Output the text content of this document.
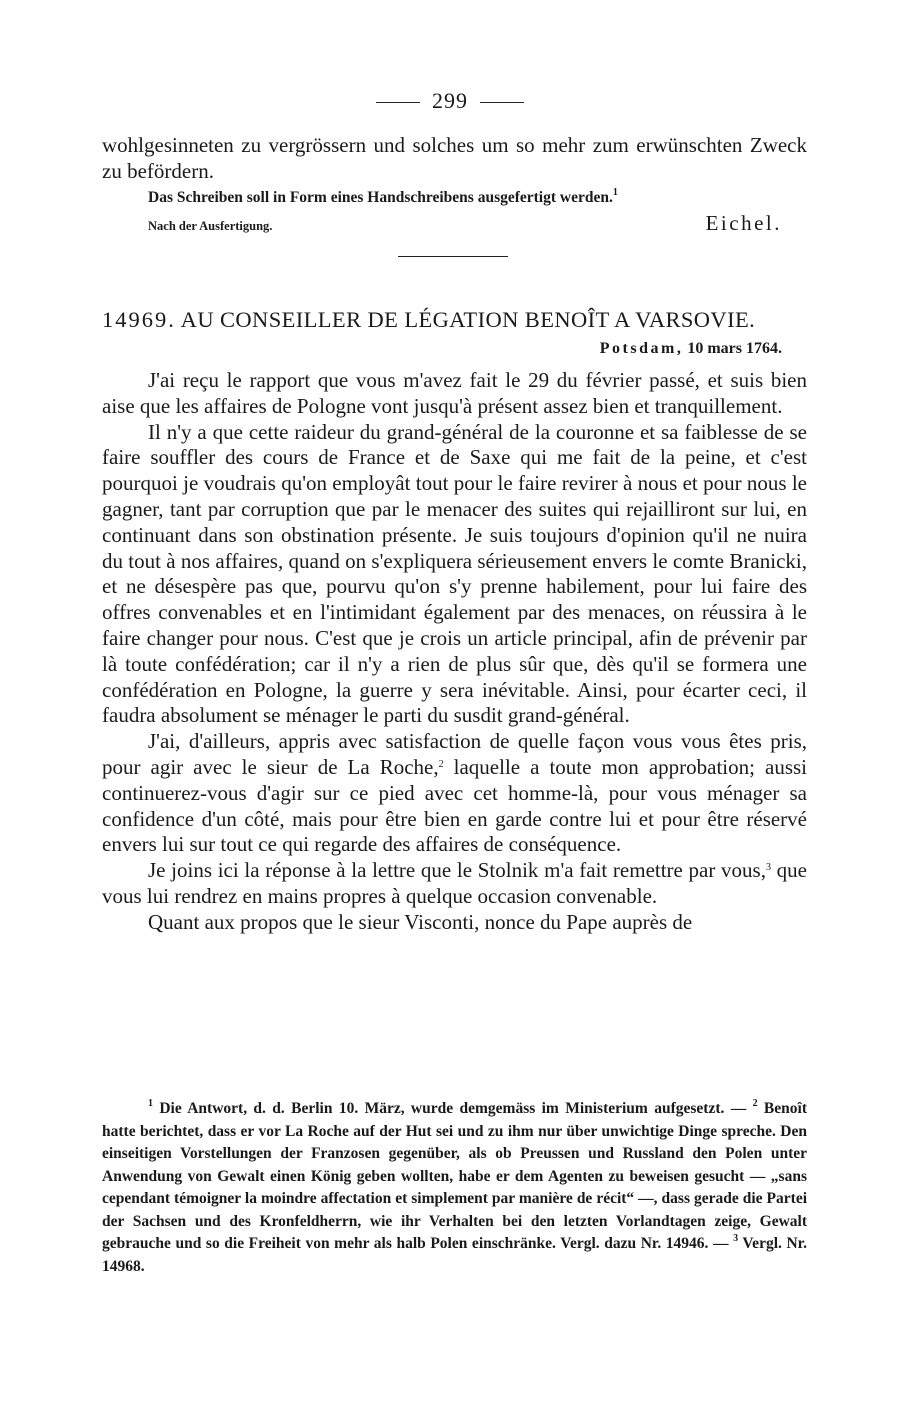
299

wohlgesinneten zu vergrössern und solches um so mehr zum erwünschten Zweck zu befördern.

Das Schreiben soll in Form eines Handschreibens ausgefertigt werden.$^1$
Nach der Ausfertigung.	Eichel.
14969. AU CONSEILLER DE LÉGATION BENOÎT A VARSOVIE.
Potsdam, 10 mars 1764.

J'ai reçu le rapport que vous m'avez fait le 29 du février passé, et suis bien aise que les affaires de Pologne vont jusqu'à présent assez bien et tranquillement.

Il n'y a que cette raideur du grand-général de la couronne et sa faiblesse de se faire souffler des cours de France et de Saxe qui me fait de la peine, et c'est pourquoi je voudrais qu'on employât tout pour le faire revirer à nous et pour nous le gagner, tant par corruption que par le menacer des suites qui rejailliront sur lui, en continuant dans son obstination présente. Je suis toujours d'opinion qu'il ne nuira du tout à nos affaires, quand on s'expliquera sérieusement envers le comte Branicki, et ne désespère pas que, pourvu qu'on s'y prenne habilement, pour lui faire des offres convenables et en l'intimidant également par des menaces, on réussira à le faire changer pour nous. C'est que je crois un article principal, afin de prévenir par là toute confédération; car il n'y a rien de plus sûr que, dès qu'il se formera une confédération en Pologne, la guerre y sera inévitable. Ainsi, pour écarter ceci, il faudra absolument se ménager le parti du susdit grand-général.

J'ai, d'ailleurs, appris avec satisfaction de quelle façon vous vous êtes pris, pour agir avec le sieur de La Roche,$^2$ laquelle a toute mon approbation; aussi continuerez-vous d'agir sur ce pied avec cet homme-là, pour vous ménager sa confidence d'un côté, mais pour être bien en garde contre lui et pour être réservé envers lui sur tout ce qui regarde des affaires de conséquence.

Je joins ici la réponse à la lettre que le Stolnik m'a fait remettre par vous,$^3$ que vous lui rendrez en mains propres à quelque occasion convenable.

Quant aux propos que le sieur Visconti, nonce du Pape auprès de

$^1$ Die Antwort, d. d. Berlin 10. März, wurde demgemäss im Ministerium aufgesetzt. — $^2$ Benoît hatte berichtet, dass er vor La Roche auf der Hut sei und zu ihm nur über unwichtige Dinge spreche. Den einseitigen Vorstellungen der Franzosen gegenüber, als ob Preussen und Russland den Polen unter Anwendung von Gewalt einen König geben wollten, habe er dem Agenten zu beweisen gesucht — „sans cependant témoigner la moindre affectation et simplement par manière de récit“ —, dass gerade die Partei der Sachsen und des Kronfeldherrn, wie ihr Verhalten bei den letzten Vorlandtagen zeige, Gewalt gebrauche und so die Freiheit von mehr als halb Polen einschränke. Vergl. dazu Nr. 14946. — $^3$ Vergl. Nr. 14968.
